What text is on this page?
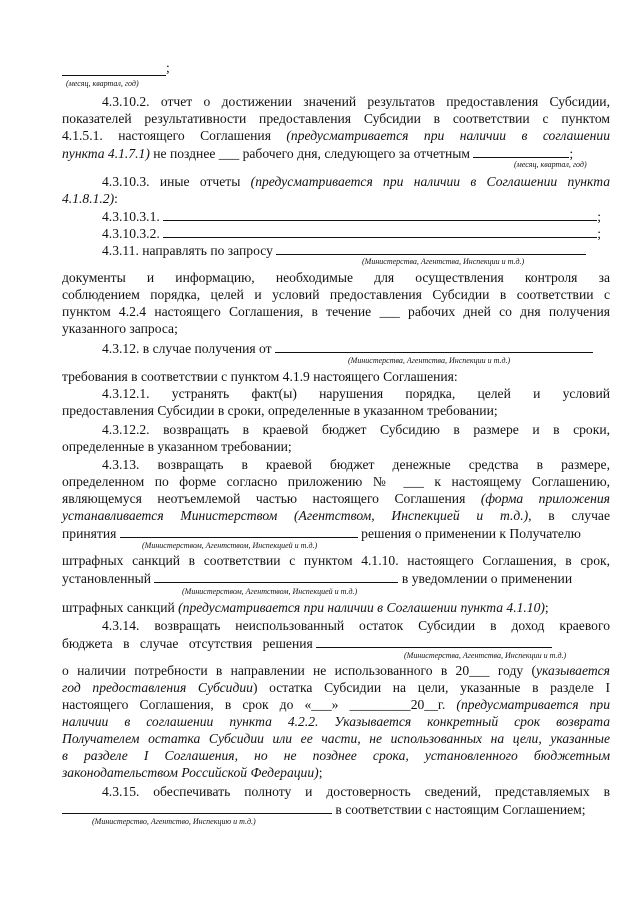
;
(месяц, квартал, год)
4.3.10.2. отчет о достижении значений результатов предоставления Субсидии,
показателей результативности предоставления Субсидии в соответствии с пунктом
4.1.5.1. настоящего Соглашения (предусматривается при наличии в соглашении
пункта 4.1.7.1) не позднее ___ рабочего дня, следующего за отчетным	;
(месяц, квартал, год)
4.3.10.3. иные отчеты (предусматривается при наличии в Соглашении пункта
4.1.8.1.2):
4.3.10.3.1.	;
4.3.10.3.2.	;
4.3.11. направлять по запросу
(Министерства, Агентства, Инспекции и т.д.)
документы и информацию, необходимые для осуществления контроля за
соблюдением порядка, целей и условий предоставления Субсидии в соответствии с
пунктом 4.2.4 настоящего Соглашения, в течение ___ рабочих дней со дня получения
указанного запроса;
4.3.12. в случае получения от
(Министерства, Агентства, Инспекции и т.д.)
требования в соответствии с пунктом 4.1.9 настоящего Соглашения:
4.3.12.1. устранять факт(ы) нарушения порядка, целей и условий
предоставления Субсидии в сроки, определенные в указанном требовании;
4.3.12.2. возвращать в краевой бюджет Субсидию в размере и в сроки,
определенные в указанном требовании;
4.3.13. возвращать в краевой бюджет денежные средства в размере,
определенном по форме согласно приложению № ___ к настоящему Соглашению,
являющемуся неотъемлемой частью настоящего Соглашения (форма приложения
устанавливается Министерством (Агентством, Инспекцией и т.д.), в случае
принятия	решения о применении к Получателю
(Министерством, Агентством, Инспекцией и т.д.)
штрафных санкций в соответствии с пунктом 4.1.10. настоящего Соглашения, в срок,
установленный	в уведомлении о применении
(Министерством, Агентством, Инспекцией и т.д.)
штрафных санкций (предусматривается при наличии в Соглашении пункта 4.1.10);
4.3.14. возвращать неиспользованный остаток Субсидии в доход краевого
бюджета в случае отсутствия решения
(Министерства, Агентства, Инспекции и т.д.)
о наличии потребности в направлении не использованного в 20___ году (указывается
год предоставления Субсидии) остатка Субсидии на цели, указанные в разделе I
настоящего Соглашения, в срок до «___» _________20__г. (предусматривается при
наличии в соглашении пункта 4.2.2. Указывается конкретный срок возврата
Получателем остатка Субсидии или ее части, не использованных на цели, указанные
в разделе I Соглашения, но не позднее срока, установленного бюджетным
законодательством Российской Федерации);
4.3.15. обеспечивать полноту и достоверность сведений, представляемых в
в соответствии с настоящим Соглашением;
(Министерство, Агентство, Инспекцию и т.д.)
